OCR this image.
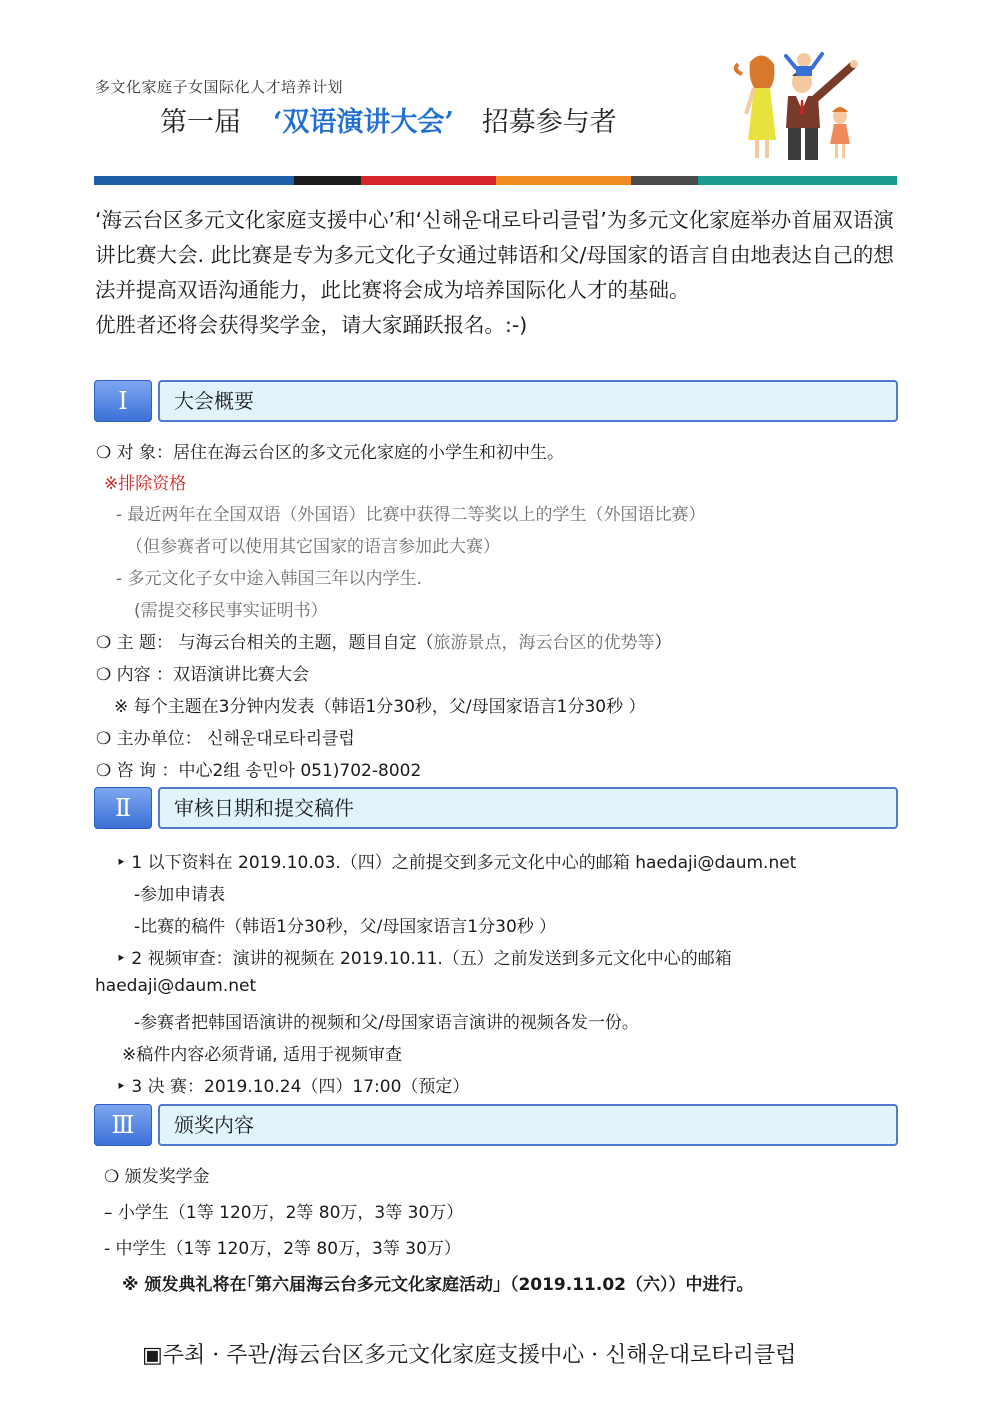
多文化家庭子女国际化人才培养计划
第一届 ‘双语演讲大会’ 招募参与者

‘海云台区多元文化家庭支援中心’和‘신해운대로타리클럽’为多元文化家庭举办首届双语演讲比赛大会. 此比赛是专为多元文化子女通过韩语和父/母国家的语言自由地表达自己的想法并提高双语沟通能力，此比赛将会成为培养国际化人才的基础。

优胜者还将会获得奖学金，请大家踊跃报名。:-)

Ⅰ	大会概要
❍ 对 象：居住在海云台区的多文元化家庭的小学生和初中生。
※排除资格
- 最近两年在全国双语（外国语）比赛中获得二等奖以上的学生（外国语比赛）
（但参赛者可以使用其它国家的语言参加此大赛）
- 多元文化子女中途入韩国三年以内学生.
(需提交移民事实证明书）
❍ 主 题： 与海云台相关的主题，题目自定（旅游景点，海云台区的优势等）
❍ 内容 ：双语演讲比赛大会
※ 每个主题在3分钟内发表（韩语1分30秒，父/母国家语言1分30秒 ）
❍ 主办单位： 신해운대로타리클럽
❍ 咨 询 ：中心2组 송민아 051)702-8002
Ⅱ	审核日期和提交稿件
‣ 1 以下资料在 2019.10.03.（四）之前提交到多元文化中心的邮箱 haedaji@daum.net
-参加申请表
-比赛的稿件（韩语1分30秒，父/母国家语言1分30秒 ）
‣ 2 视频审查：演讲的视频在 2019.10.11.（五）之前发送到多元文化中心的邮箱
haedaji@daum.net
-参赛者把韩国语演讲的视频和父/母国家语言演讲的视频各发一份。
※稿件内容必须背诵, 适用于视频审查
‣ 3 决 赛：2019.10.24（四）17:00（预定）
Ⅲ	颁奖内容
❍ 颁发奖学金
– 小学生（1等 120万，2等 80万，3等 30万）
- 中学生（1等 120万，2等 80万，3等 30万）
※ 颁发典礼将在｢第六届海云台多元文化家庭活动｣（2019.11.02（六））中进行。
▣주최 · 주관/海云台区多元文化家庭支援中心 · 신해운대로타리클럽
